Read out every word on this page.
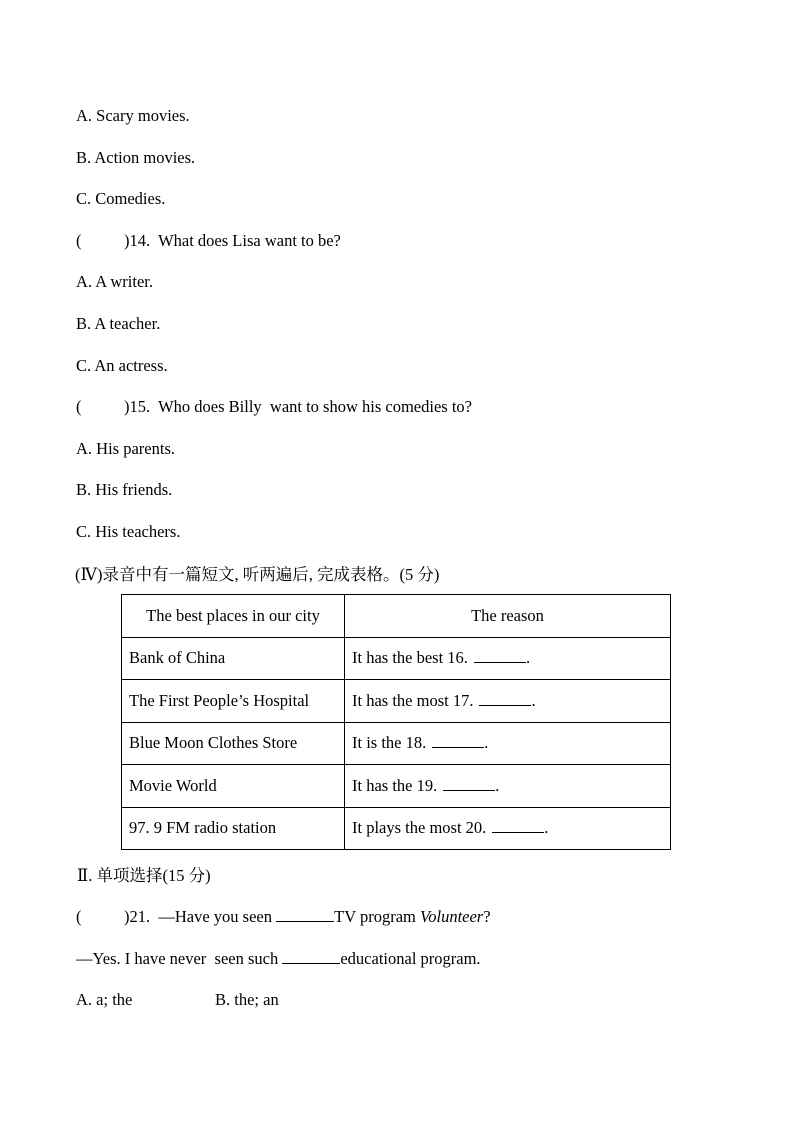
A. Scary movies.
B. Action movies.
C. Comedies.
(	)14.  What does Lisa want to be?
A. A writer.
B. A teacher.
C. An actress.
(	)15.  Who does Billy  want to show his comedies to?
A. His parents.
B. His friends.
C. His teachers.
(Ⅳ)录音中有一篇短文, 听两遍后, 完成表格。(5 分)
The best places in our city	The reason
Bank of China	It has the best 16. .
The First People’s Hospital	It has the most 17. .
Blue Moon Clothes Store	It is the 18. .
Movie World	It has the 19. .
97. 9 FM radio station	It plays the most 20. .
Ⅱ. 单项选择(15 分)
(	)21.  —Have you seen	TV program Volunteer?
—Yes. I have never  seen such	educational program.
A. a; the	B. the; an
